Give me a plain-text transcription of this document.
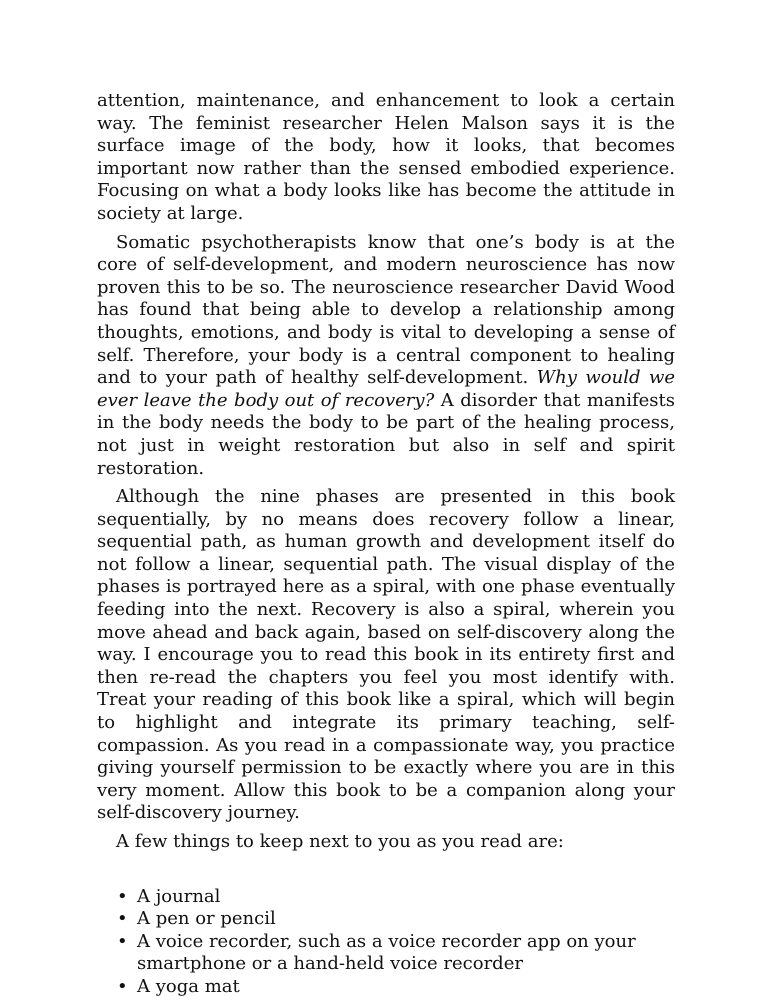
attention, maintenance, and enhancement to look a certain way. The feminist researcher Helen Malson says it is the surface image of the body, how it looks, that becomes important now rather than the sensed embodied experience. Focusing on what a body looks like has become the attitude in society at large.

Somatic psychotherapists know that one’s body is at the core of self-development, and modern neuroscience has now proven this to be so. The neuroscience researcher David Wood has found that being able to develop a relationship among thoughts, emotions, and body is vital to developing a sense of self. Therefore, your body is a central component to healing and to your path of healthy self-development. Why would we ever leave the body out of recovery? A disorder that manifests in the body needs the body to be part of the healing process, not just in weight restoration but also in self and spirit restoration.

Although the nine phases are presented in this book sequentially, by no means does recovery follow a linear, sequential path, as human growth and development itself do not follow a linear, sequential path. The visual display of the phases is portrayed here as a spiral, with one phase eventually feeding into the next. Recovery is also a spiral, wherein you move ahead and back again, based on self-discovery along the way. I encourage you to read this book in its entirety first and then re-read the chapters you feel you most identify with. Treat your reading of this book like a spiral, which will begin to highlight and integrate its primary teaching, self-compassion. As you read in a compassionate way, you practice giving yourself permission to be exactly where you are in this very moment. Allow this book to be a companion along your self-discovery journey.

A few things to keep next to you as you read are:

• A journal
• A pen or pencil
• A voice recorder, such as a voice recorder app on your smartphone or a hand-held voice recorder
• A yoga mat
